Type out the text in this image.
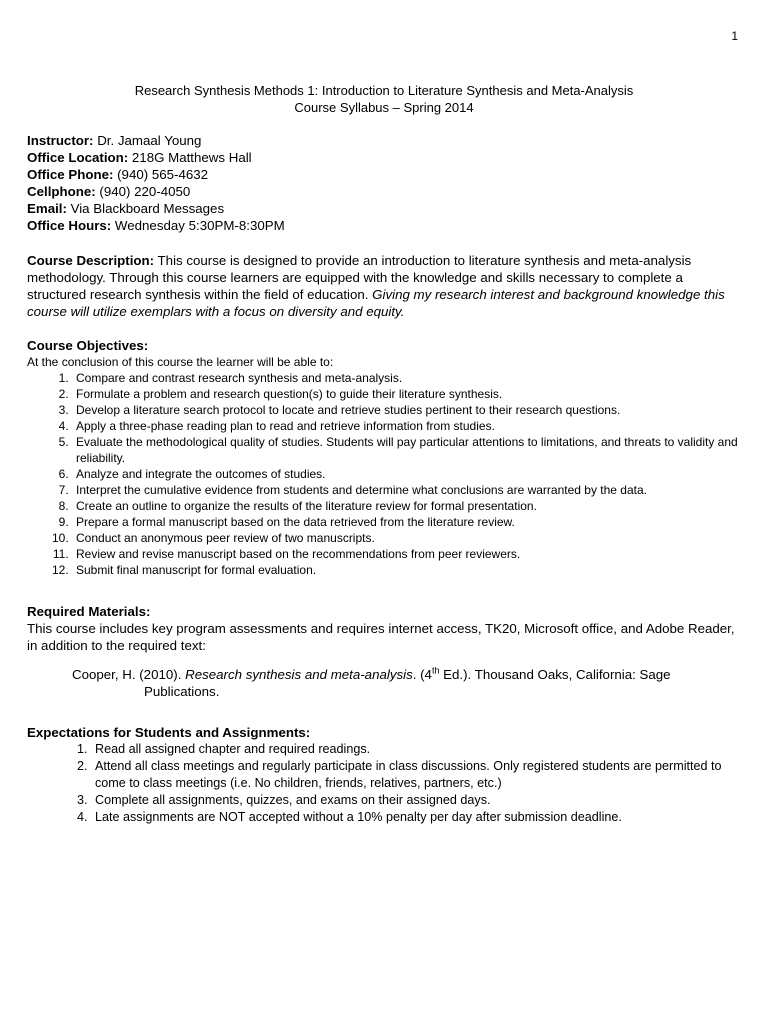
1
Research Synthesis Methods 1: Introduction to Literature Synthesis and Meta-Analysis
Course Syllabus – Spring 2014
Instructor: Dr. Jamaal Young
Office Location: 218G Matthews Hall
Office Phone: (940) 565-4632
Cellphone: (940) 220-4050
Email: Via Blackboard Messages
Office Hours: Wednesday 5:30PM-8:30PM
Course Description: This course is designed to provide an introduction to literature synthesis and meta-analysis methodology. Through this course learners are equipped with the knowledge and skills necessary to complete a structured research synthesis within the field of education. Giving my research interest and background knowledge this course will utilize exemplars with a focus on diversity and equity.
Course Objectives:
At the conclusion of this course the learner will be able to:
1. Compare and contrast research synthesis and meta-analysis.
2. Formulate a problem and research question(s) to guide their literature synthesis.
3. Develop a literature search protocol to locate and retrieve studies pertinent to their research questions.
4. Apply a three-phase reading plan to read and retrieve information from studies.
5. Evaluate the methodological quality of studies. Students will pay particular attentions to limitations, and threats to validity and reliability.
6. Analyze and integrate the outcomes of studies.
7. Interpret the cumulative evidence from students and determine what conclusions are warranted by the data.
8. Create an outline to organize the results of the literature review for formal presentation.
9. Prepare a formal manuscript based on the data retrieved from the literature review.
10. Conduct an anonymous peer review of two manuscripts.
11. Review and revise manuscript based on the recommendations from peer reviewers.
12. Submit final manuscript for formal evaluation.
Required Materials:
This course includes key program assessments and requires internet access, TK20, Microsoft office, and Adobe Reader, in addition to the required text:
Cooper, H. (2010). Research synthesis and meta-analysis. (4th Ed.). Thousand Oaks, California: Sage Publications.
Expectations for Students and Assignments:
1. Read all assigned chapter and required readings.
2. Attend all class meetings and regularly participate in class discussions. Only registered students are permitted to come to class meetings (i.e. No children, friends, relatives, partners, etc.)
3. Complete all assignments, quizzes, and exams on their assigned days.
4. Late assignments are NOT accepted without a 10% penalty per day after submission deadline.
